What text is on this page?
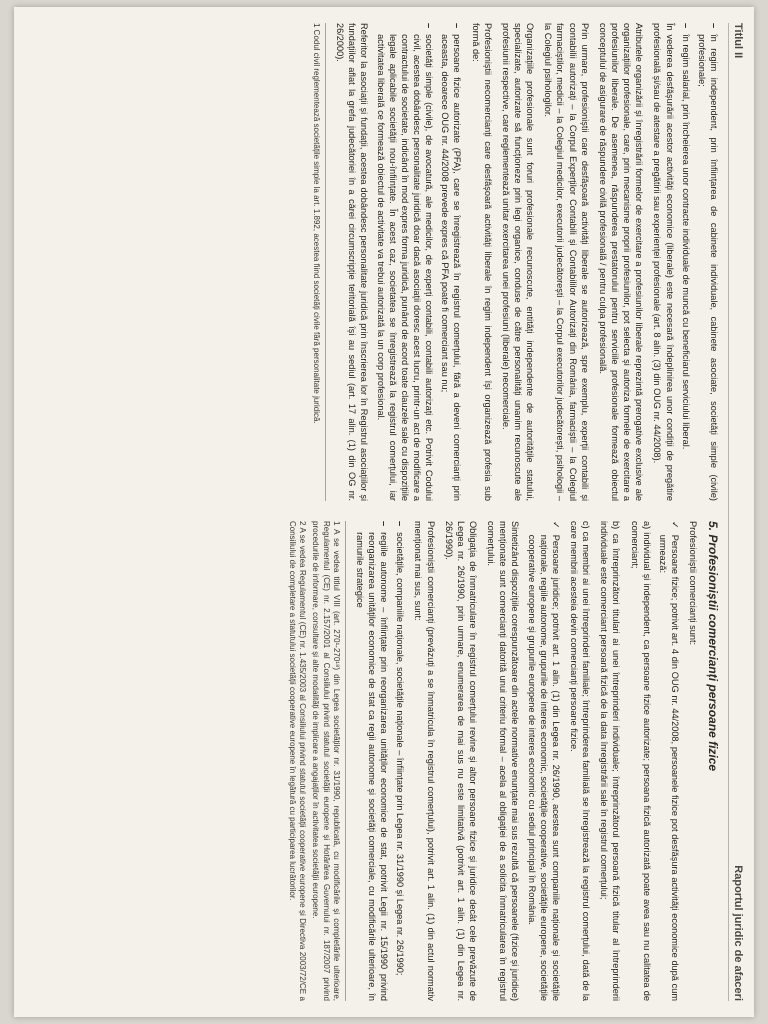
Titlul II
Raportul juridic de afaceri
–
în regim independent, prin înființarea de cabinete individuale, cabinete asociate, societăți simple (civile) profesionale;
–
în regim salarial, prin încheierea unor contracte individuale de muncă cu beneficiarul serviciului liberal.

În vederea desfășurării acestor activități economice (liberale) este necesară îndeplinirea unor condiții de pregătire profesională și/sau de atestare a pregătirii sau experienței profesionale (art. 8 alin. (3) din OUG nr. 44/2008).

Atributele organizării și înregistrării formelor de exercitare a profesiunilor liberale reprezintă prerogative exclusive ale organizațiilor profesionale, care, prin mecanisme proprii profesiunilor, pot selecta și autoriza formele de exercitare a profesiunilor liberale. De asemenea, răspunderea prestatorului pentru serviciile profesionale formează obiectul conceptului de asigurare de răspundere civilă profesională / pentru culpa profesională.

Prin urmare, profesioniștii care desfășoară activități liberale se autorizează, spre exemplu, experții contabili și contabilii autorizați – la Corpul Experților Contabili și Contabililor Autorizați din România, farmaciștii – la Colegiul farmaciștilor, medicii – la Colegiul medicilor, executorii judecătorești – la Corpul executorilor judecătorești, psihologii – la Colegiul psihologilor.

Organizațiile profesionale sunt foruri profesionale recunoscute, entități independente de autoritățile statului, specializate, autorizate să funcționeze prin legi organice, conduse de către personalități unanim recunoscute ale profesiunii respective, care reglementează unitar exercitarea unei profesiuni (liberale) necomerciale.

Profesioniștii necomercianți care desfășoară activități liberale în regim independent își organizează profesia sub formă de:

–
persoane fizice autorizate (PFA), care se înregistrează în registrul comerțului, fără a deveni comercianți prin aceasta, deoarece OUG nr. 44/2008 prevede expres că PFA poate fi comerciant sau nu;
–
societăți simple (civile), de avocatură, ale medicilor, de experți contabili, contabili autorizați etc. Potrivit Codului civil, acestea dobândesc personalitate juridică doar dacă asociații doresc acest lucru, printr-un act de modificare a contractului de societate, indicând în mod expres forma juridică, punând de acord toate clauzele sale cu dispozițiile legale aplicabile societății nou-înființate. În acest caz, societatea se înregistrează la registrul comerțului, iar activitatea liberală ce formează obiectul de activitate va trebui autorizată la un corp profesional.

Referitor la asociații și fundații, acestea dobândesc personalitate juridică prin înscrierea lor în Registrul asociațiilor și fundațiilor aflat la grefa judecătoriei în a cărei circumscripție teritorială își au sediul (art. 17 alin. (1) din OG nr. 26/2000).

1 Codul civil reglementează societățile simple la art. 1.892, acestea fiind societăți civile fără personalitate juridică.

5. Profesioniștii comercianți persoane fizice

Profesioniștii comercianți sunt:

✓
Persoane fizice; potrivit art. 4 din OUG nr. 44/2008, persoanele fizice pot desfășura activități economice după cum urmează:

a) individual și independent, ca persoane fizice autorizate; persoana fizică autorizată poate avea sau nu calitatea de comerciant;

b) ca întreprinzători titulari ai unei întreprinderi individuale; întreprinzătorul persoană fizică titular al întreprinderii individuale este comerciant persoană fizică de la data înregistrării sale în registrul comerțului;

c) ca membri ai unei întreprinderi familiale; întreprinderea familială se înregistrează la registrul comerțului, dată de la care membrii acesteia devin comercianți persoane fizice.

✓
Persoane juridice; potrivit art. 1 alin. (1) din Legea nr. 26/1990, acestea sunt companiile naționale și societățile naționale, regiile autonome, grupurile de interes economic, societățile cooperative, societățile europene, societățile cooperative europene și grupurile europene de interes economic cu sediul principal în România.

Sintetizând dispozițiile corespunzătoare din actele normative enunțate mai sus rezultă că persoanele (fizice și juridice) menționate sunt comercianți datorită unui criteriu formal – acela al obligației de a solicita înmatricularea în registrul comerțului.

Obligația de înmatriculare în registrul comerțului revine și altor persoane fizice și juridice decât cele prevăzute de Legea nr. 26/1990, prin urmare, enumerarea de mai sus nu este limitativă (potrivit art. 1 alin. (1) din Legea nr. 26/1990).

Profesioniștii comercianți (prevăzuți a se înmatricula în registrul comerțului), potrivit art. 1 alin. (1) din actul normativ menționat mai sus, sunt:

–
societățile, companiile naționale, societățile naționale – înființate prin Legea nr. 31/1990 și Legea nr. 26/1990;
–
regiile autonome – înființate prin reorganizarea unităților economice de stat, potrivit Legii nr. 15/1990 privind reorganizarea unităților economice de stat ca regii autonome și societăți comerciale, cu modificările ulterioare, în ramurile strategice

1 A se vedea titlul VIII (art. 270¹-270¹⁸) din Legea societăților nr. 31/1990, republicată, cu modificările și completările ulterioare, Regulamentul (CE) nr. 2.157/2001 al Consiliului privind statutul societății europene și Hotărârea Guvernului nr. 187/2007 privind procedurile de informare, consultare și alte modalități de implicare a angajaților în activitatea societății europene.

2 A se vedea Regulamentul (CE) nr. 1.435/2003 al Consiliului privind statutul societății cooperative europene și Directiva 2003/72/CE a Consiliului de completare a statutului societății cooperative europene în legătură cu participarea lucrătorilor.
